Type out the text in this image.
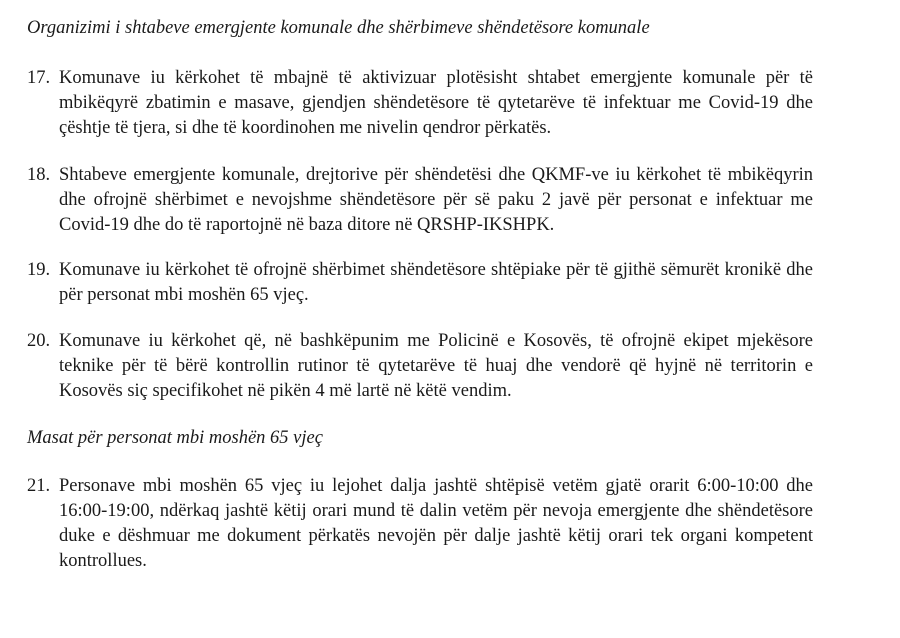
Organizimi i shtabeve emergjente komunale dhe shërbimeve shëndetësore komunale
17. Komunave iu kërkohet të mbajnë të aktivizuar plotësisht shtabet emergjente komunale për të mbikëqyrë zbatimin e masave, gjendjen shëndetësore të qytetarëve të infektuar me Covid-19 dhe çështje të tjera, si dhe të koordinohen me nivelin qendror përkatës.
18. Shtabeve emergjente komunale, drejtorive për shëndetësi dhe QKMF-ve iu kërkohet të mbikëqyrin dhe ofrojnë shërbimet e nevojshme shëndetësore për së paku 2 javë për personat e infektuar me Covid-19 dhe do të raportojnë në baza ditore në QRSHP-IKSHPK.
19. Komunave iu kërkohet të ofrojnë shërbimet shëndetësore shtëpiake për të gjithë sëmurët kronikë dhe për personat mbi moshën 65 vjeç.
20. Komunave iu kërkohet që, në bashkëpunim me Policinë e Kosovës, të ofrojnë ekipet mjekësore teknike për të bërë kontrollin rutinor të qytetarëve të huaj dhe vendorë që hyjnë në territorin e Kosovës siç specifikohet në pikën 4 më lartë në këtë vendim.
Masat për personat mbi moshën 65 vjeç
21. Personave mbi moshën 65 vjeç iu lejohet dalja jashtë shtëpisë vetëm gjatë orarit 6:00-10:00 dhe 16:00-19:00, ndërkaq jashtë këtij orari mund të dalin vetëm për nevoja emergjente dhe shëndetësore duke e dëshmuar me dokument përkatës nevojën për dalje jashtë këtij orari tek organi kompetent kontrollues.
